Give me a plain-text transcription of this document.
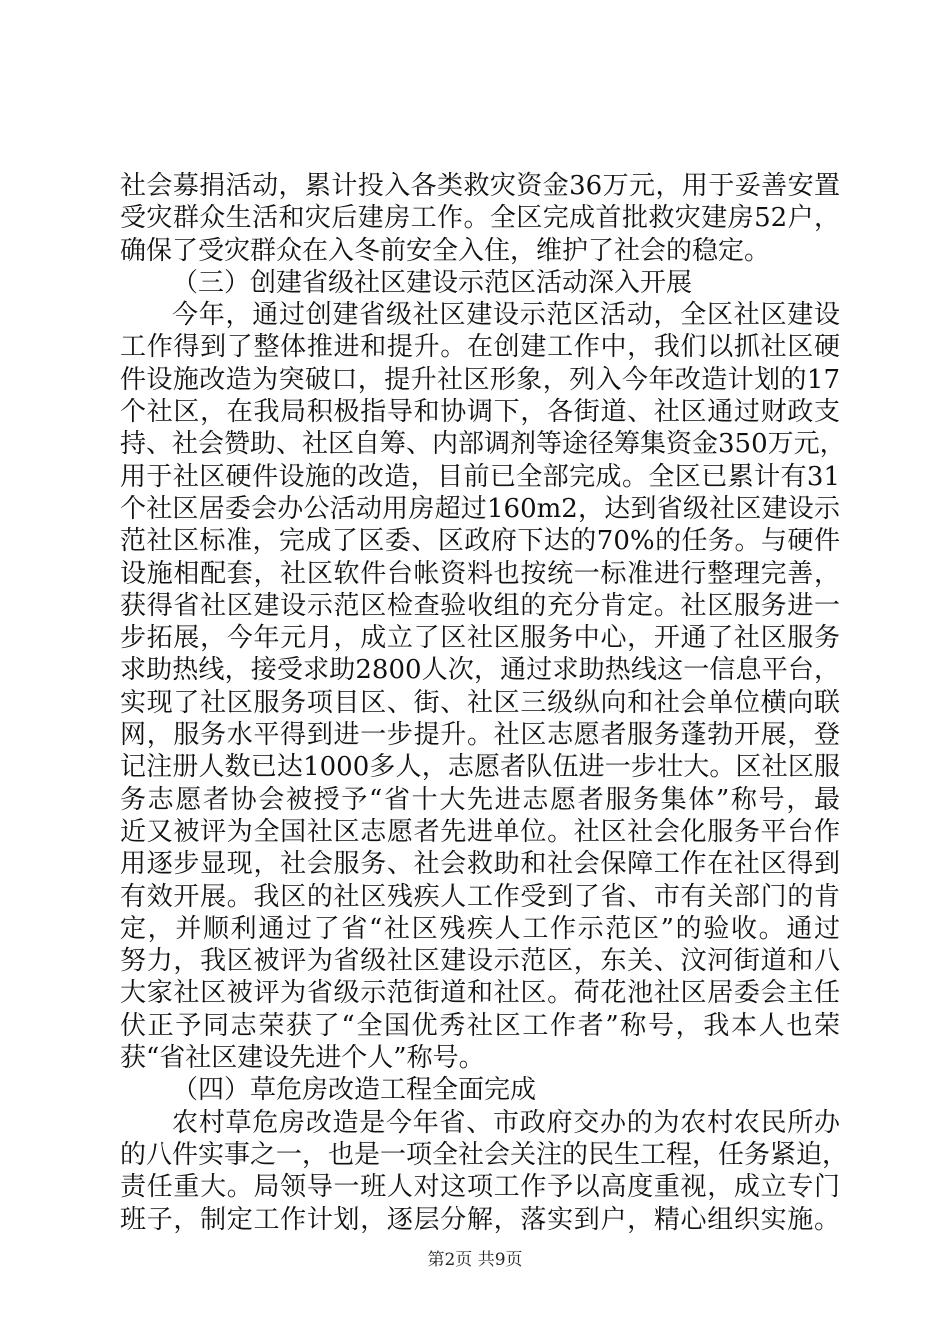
社会募捐活动，累计投入各类救灾资金36万元，用于妥善安置
受灾群众生活和灾后建房工作。全区完成首批救灾建房52户，
确保了受灾群众在入冬前安全入住，维护了社会的稳定。
（三）创建省级社区建设示范区活动深入开展
今年，通过创建省级社区建设示范区活动，全区社区建设
工作得到了整体推进和提升。在创建工作中，我们以抓社区硬
件设施改造为突破口，提升社区形象，列入今年改造计划的17
个社区，在我局积极指导和协调下，各街道、社区通过财政支
持、社会赞助、社区自筹、内部调剂等途径筹集资金350万元，
用于社区硬件设施的改造，目前已全部完成。全区已累计有31
个社区居委会办公活动用房超过160m2，达到省级社区建设示
范社区标准，完成了区委、区政府下达的70%的任务。与硬件
设施相配套，社区软件台帐资料也按统一标准进行整理完善，
获得省社区建设示范区检查验收组的充分肯定。社区服务进一
步拓展，今年元月，成立了区社区服务中心，开通了社区服务
求助热线，接受求助2800人次，通过求助热线这一信息平台，
实现了社区服务项目区、街、社区三级纵向和社会单位横向联
网，服务水平得到进一步提升。社区志愿者服务蓬勃开展，登
记注册人数已达1000多人，志愿者队伍进一步壮大。区社区服
务志愿者协会被授予“省十大先进志愿者服务集体”称号，最
近又被评为全国社区志愿者先进单位。社区社会化服务平台作
用逐步显现，社会服务、社会救助和社会保障工作在社区得到
有效开展。我区的社区残疾人工作受到了省、市有关部门的肯
定，并顺利通过了省“社区残疾人工作示范区”的验收。通过
努力，我区被评为省级社区建设示范区，东关、汶河街道和八
大家社区被评为省级示范街道和社区。荷花池社区居委会主任
伏正予同志荣获了“全国优秀社区工作者”称号，我本人也荣
获“省社区建设先进个人”称号。
（四）草危房改造工程全面完成
农村草危房改造是今年省、市政府交办的为农村农民所办
的八件实事之一，也是一项全社会关注的民生工程，任务紧迫，
责任重大。局领导一班人对这项工作予以高度重视，成立专门
班子，制定工作计划，逐层分解，落实到户，精心组织实施。
第2页 共9页
